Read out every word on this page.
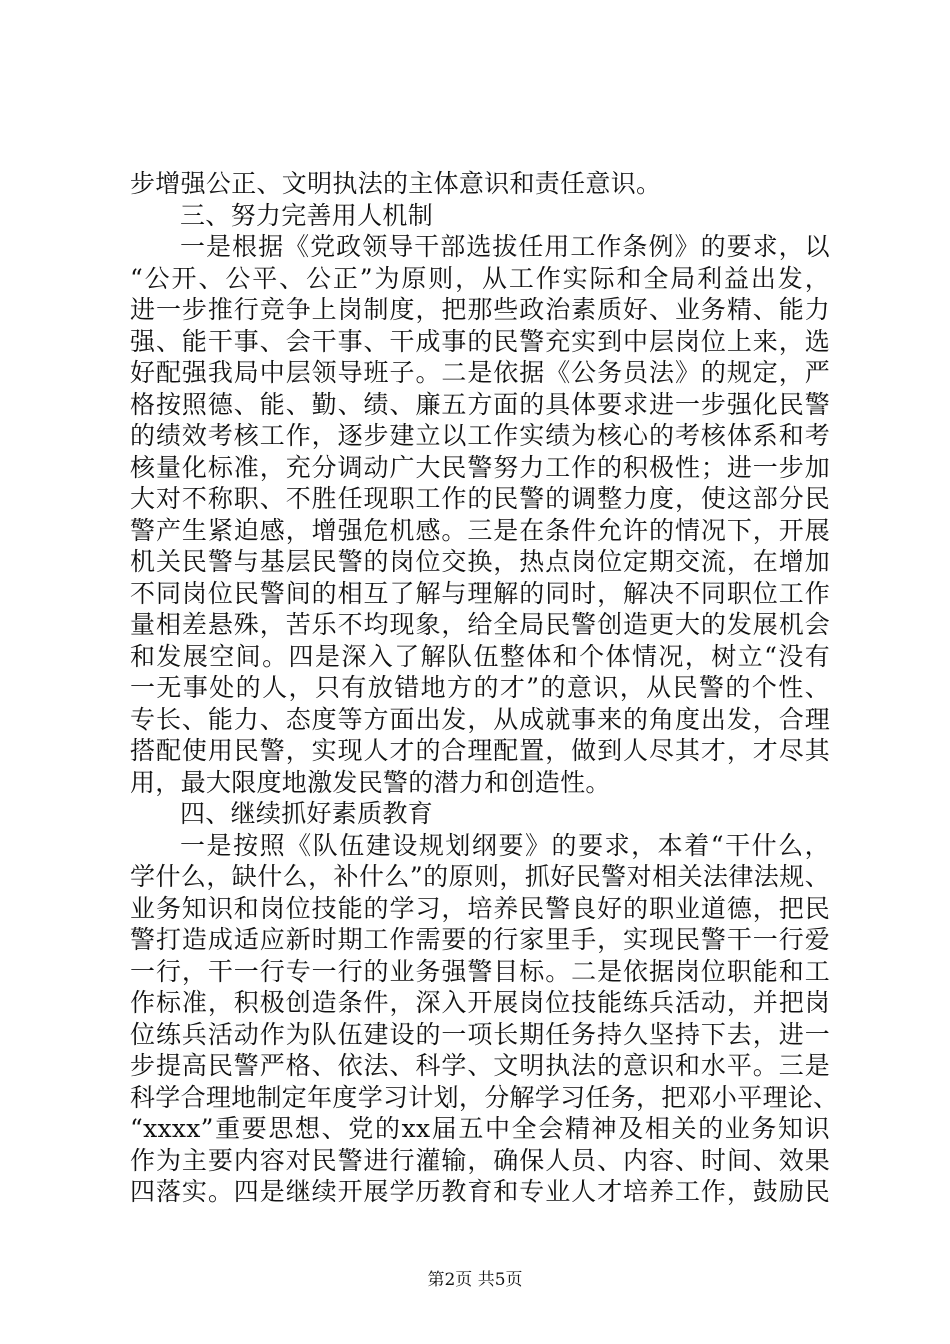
步增强公正、文明执法的主体意识和责任意识。
三、努力完善用人机制
一是根据《党政领导干部选拔任用工作条例》的要求，以
“公开、公平、公正”为原则，从工作实际和全局利益出发，
进一步推行竞争上岗制度，把那些政治素质好、业务精、能力
强、能干事、会干事、干成事的民警充实到中层岗位上来，选
好配强我局中层领导班子。二是依据《公务员法》的规定，严
格按照德、能、勤、绩、廉五方面的具体要求进一步强化民警
的绩效考核工作，逐步建立以工作实绩为核心的考核体系和考
核量化标准，充分调动广大民警努力工作的积极性；进一步加
大对不称职、不胜任现职工作的民警的调整力度，使这部分民
警产生紧迫感，增强危机感。三是在条件允许的情况下，开展
机关民警与基层民警的岗位交换，热点岗位定期交流，在增加
不同岗位民警间的相互了解与理解的同时，解决不同职位工作
量相差悬殊，苦乐不均现象，给全局民警创造更大的发展机会
和发展空间。四是深入了解队伍整体和个体情况，树立“没有
一无事处的人，只有放错地方的才”的意识，从民警的个性、
专长、能力、态度等方面出发，从成就事来的角度出发，合理
搭配使用民警，实现人才的合理配置，做到人尽其才，才尽其
用，最大限度地激发民警的潜力和创造性。
四、继续抓好素质教育
一是按照《队伍建设规划纲要》的要求，本着“干什么，
学什么，缺什么，补什么”的原则，抓好民警对相关法律法规、
业务知识和岗位技能的学习，培养民警良好的职业道德，把民
警打造成适应新时期工作需要的行家里手，实现民警干一行爱
一行，干一行专一行的业务强警目标。二是依据岗位职能和工
作标准，积极创造条件，深入开展岗位技能练兵活动，并把岗
位练兵活动作为队伍建设的一项长期任务持久坚持下去，进一
步提高民警严格、依法、科学、文明执法的意识和水平。三是
科学合理地制定年度学习计划，分解学习任务，把邓小平理论、
“xxxx”重要思想、党的xx届五中全会精神及相关的业务知识
作为主要内容对民警进行灌输，确保人员、内容、时间、效果
四落实。四是继续开展学历教育和专业人才培养工作，鼓励民
第2页 共5页
